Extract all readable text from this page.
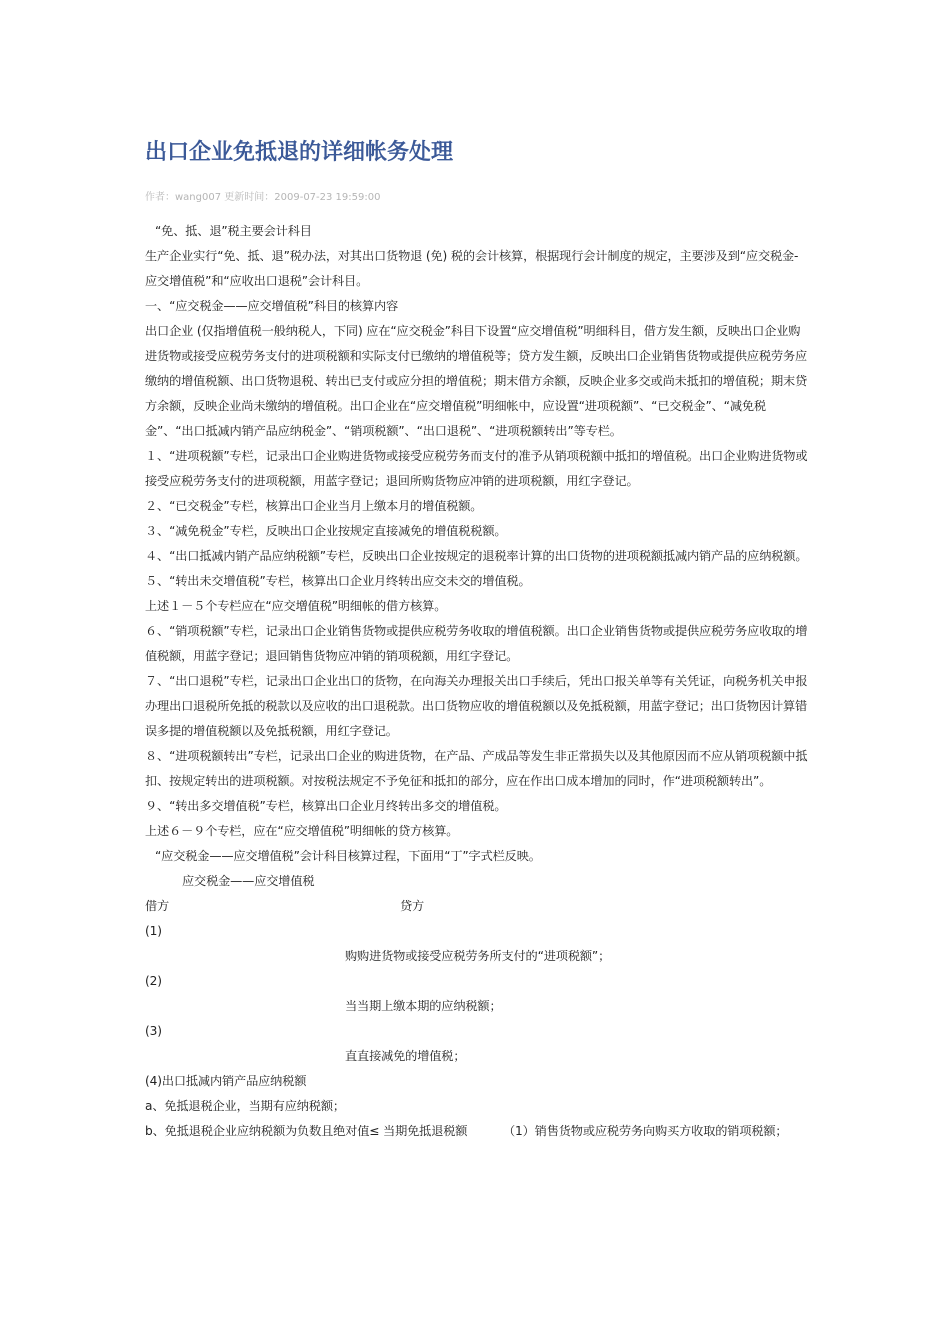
出口企业免抵退的详细帐务处理
作者：wang007 更新时间：2009-07-23 19:59:00

“免、抵、退”税主要会计科目

生产企业实行“免、抵、退”税办法，对其出口货物退 (免) 税的会计核算，根据现行会计制度的规定，主要涉及到“应交税金-应交增值税”和“应收出口退税”会计科目。

一、“应交税金——应交增值税”科目的核算内容

出口企业 (仅指增值税一般纳税人，下同) 应在“应交税金”科目下设置“应交增值税”明细科目，借方发生额，反映出口企业购进货物或接受应税劳务支付的进项税额和实际支付已缴纳的增值税等；贷方发生额，反映出口企业销售货物或提供应税劳务应缴纳的增值税额、出口货物退税、转出已支付或应分担的增值税；期末借方余额，反映企业多交或尚未抵扣的增值税；期末贷方余额，反映企业尚未缴纳的增值税。出口企业在“应交增值税”明细帐中，应设置“进项税额”、“已交税金”、“减免税金”、“出口抵减内销产品应纳税金”、“销项税额”、“出口退税”、“进项税额转出”等专栏。

１、“进项税额”专栏，记录出口企业购进货物或接受应税劳务而支付的准予从销项税额中抵扣的增值税。出口企业购进货物或接受应税劳务支付的进项税额，用蓝字登记；退回所购货物应冲销的进项税额，用红字登记。

２、“已交税金”专栏，核算出口企业当月上缴本月的增值税额。

３、“减免税金”专栏，反映出口企业按规定直接减免的增值税税额。

４、“出口抵减内销产品应纳税额”专栏，反映出口企业按规定的退税率计算的出口货物的进项税额抵减内销产品的应纳税额。

５、“转出未交增值税”专栏，核算出口企业月终转出应交未交的增值税。

上述１－５个专栏应在“应交增值税”明细帐的借方核算。

６、“销项税额”专栏，记录出口企业销售货物或提供应税劳务收取的增值税额。出口企业销售货物或提供应税劳务应收取的增值税额，用蓝字登记；退回销售货物应冲销的销项税额，用红字登记。

７、“出口退税”专栏，记录出口企业出口的货物，在向海关办理报关出口手续后，凭出口报关单等有关凭证，向税务机关申报办理出口退税所免抵的税款以及应收的出口退税款。出口货物应收的增值税额以及免抵税额，用蓝字登记；出口货物因计算错误多提的增值税额以及免抵税额，用红字登记。

８、“进项税额转出”专栏，记录出口企业的购进货物，在产品、产成品等发生非正常损失以及其他原因而不应从销项税额中抵扣、按规定转出的进项税额。对按税法规定不予免征和抵扣的部分，应在作出口成本增加的同时，作“进项税额转出”。

９、“转出多交增值税”专栏，核算出口企业月终转出多交的增值税。

上述６－９个专栏，应在“应交增值税”明细帐的贷方核算。

“应交税金——应交增值税”会计科目核算过程，下面用“丁”字式栏反映。

应交税金——应交增值税

借方	贷方

(1)

购购进货物或接受应税劳务所支付的“进项税额”；

(2)

当当期上缴本期的应纳税额；

(3)

直直接减免的增值税；

(4)出口抵减内销产品应纳税额

a、免抵退税企业，当期有应纳税额；

b、免抵退税企业应纳税额为负数且绝对值≤ 当期免抵退税额	（1）销售货物或应税劳务向购买方收取的销项税额；
